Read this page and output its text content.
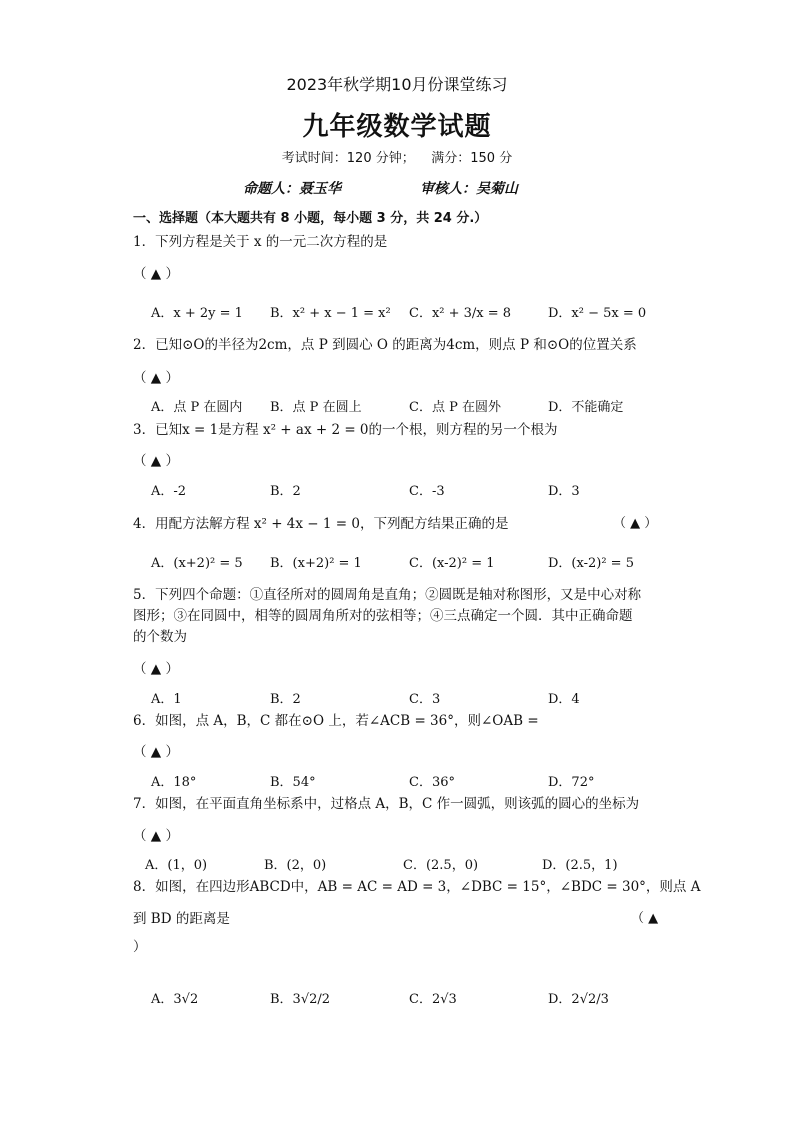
2023年秋学期10月份课堂练习
九年级数学试题
考试时间：120 分钟；    满分：150 分
命题人：聂玉华	审核人：吴菊山
一、选择题（本大题共有 8 小题，每小题 3 分，共 24 分.）
1．下列方程是关于 x 的一元二次方程的是
（ ▲ ）
A．x + 2y = 1 B．x² + x − 1 = x² C．x² + 3/x = 8	D．x² − 5x = 0
2．已知⊙O的半径为2cm，点 P 到圆心 O 的距离为4cm，则点 P 和⊙O的位置关系
（ ▲ ）
A．点 P 在圆内 B．点 P 在圆上	C．点 P 在圆外	D．不能确定
3．已知x = 1是方程 x² + ax + 2 = 0的一个根，则方程的另一个根为
（ ▲ ）
A．-2	B．2	C．-3	D．3
4．用配方法解方程 x² + 4x − 1 = 0，下列配方结果正确的是	（ ▲ ）
A．(x+2)² = 5 B．(x+2)² = 1	C．(x-2)² = 1	D．(x-2)² = 5
5．下列四个命题：①直径所对的圆周角是直角；②圆既是轴对称图形，又是中心对称
图形；③在同圆中，相等的圆周角所对的弦相等；④三点确定一个圆．其中正确命题
的个数为
（ ▲ ）
A．1	B．2	C．3	D．4
6．如图，点 A，B，C 都在⊙O 上，若∠ACB = 36°，则∠OAB =
（ ▲ ）
A．18°	B．54°	C．36°	D．72°
7．如图，在平面直角坐标系中，过格点 A，B，C 作一圆弧，则该弧的圆心的坐标为
（ ▲ ）
A．(1，0)	B．(2，0)	C．(2.5，0)	D．(2.5，1)
8．如图，在四边形ABCD中，AB = AC = AD = 3，∠DBC = 15°，∠BDC = 30°，则点 A
到 BD 的距离是	（ ▲
）
A．3√2	B．3√2/2	C．2√3	D．2√2/3
